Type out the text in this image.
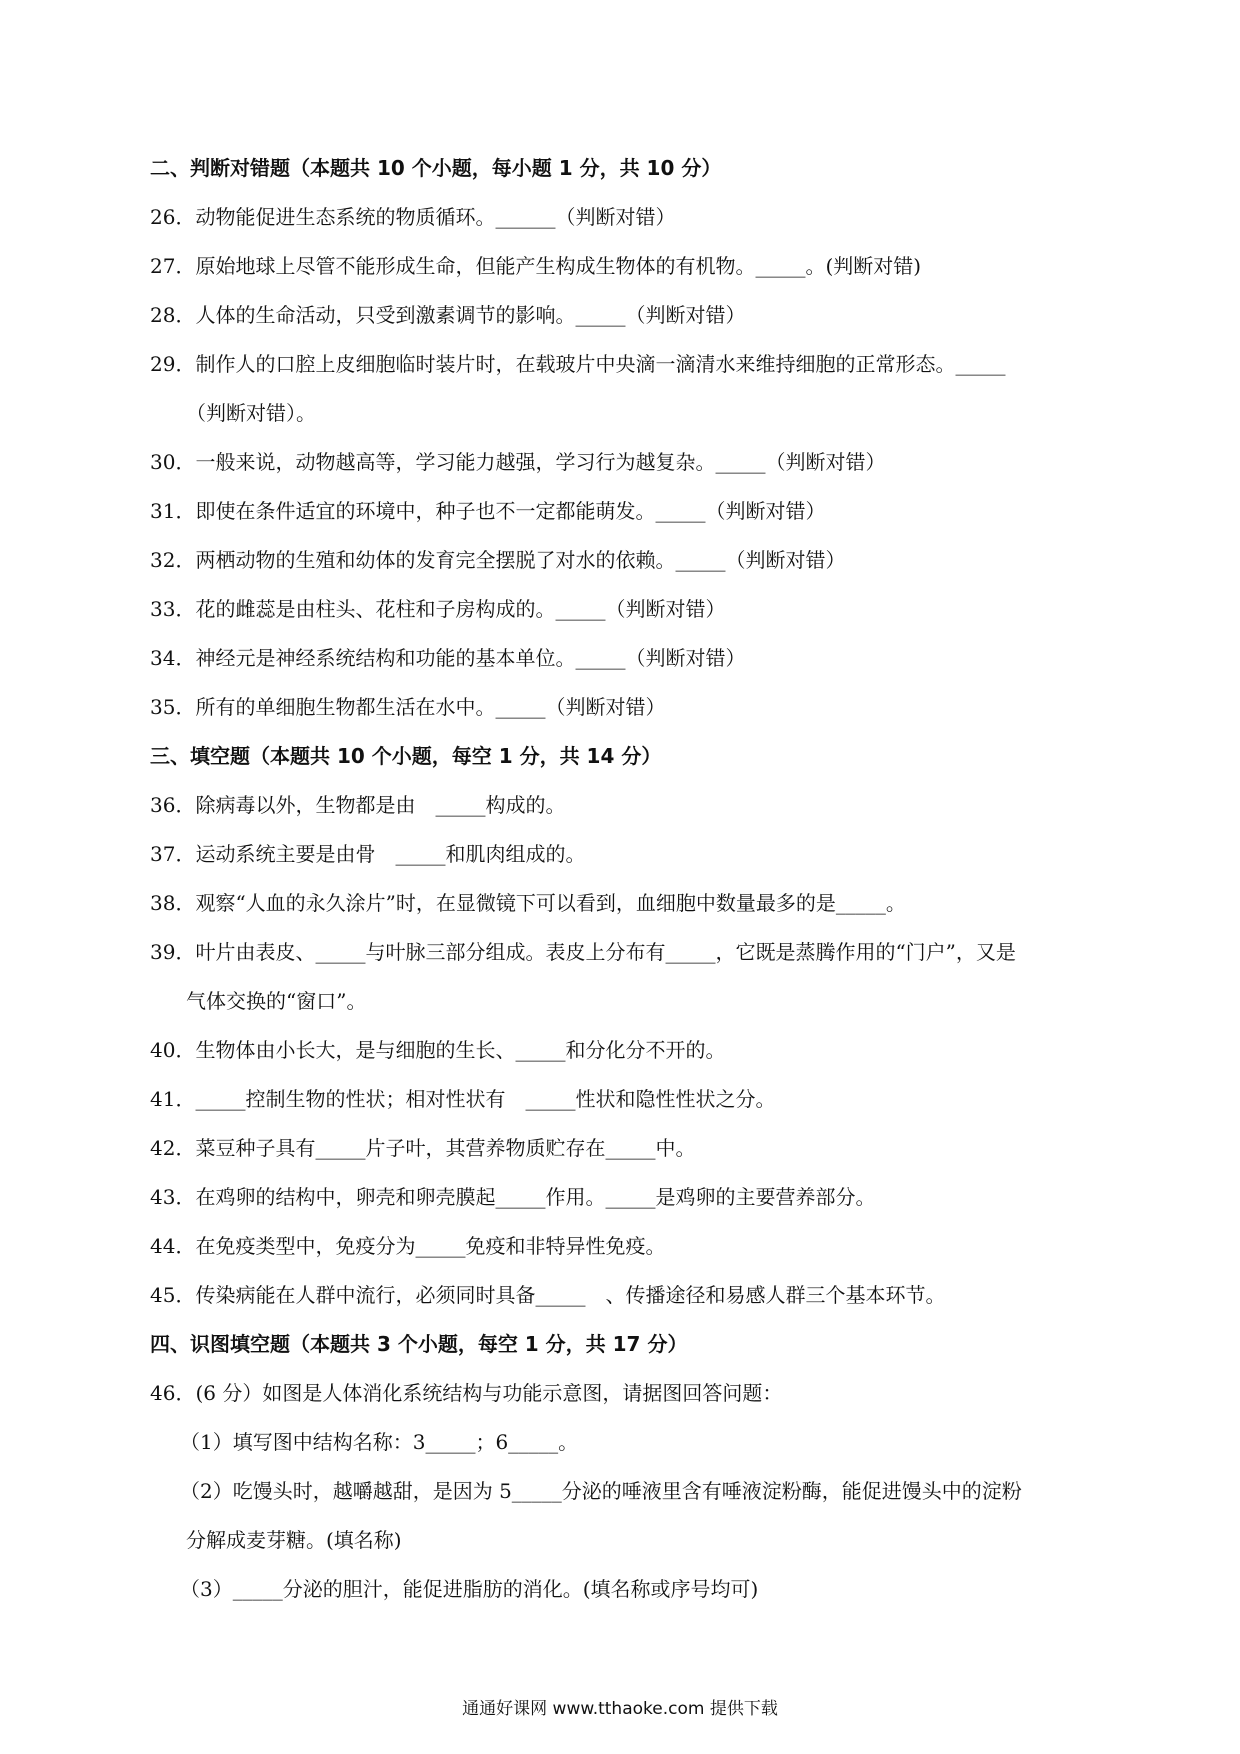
二、判断对错题（本题共 10 个小题，每小题 1 分，共 10 分）

26．动物能促进生态系统的物质循环。______（判断对错）

27．原始地球上尽管不能形成生命，但能产生构成生物体的有机物。_____。(判断对错)

28．人体的生命活动，只受到激素调节的影响。_____（判断对错）

29．制作人的口腔上皮细胞临时装片时，在载玻片中央滴一滴清水来维持细胞的正常形态。_____

（判断对错）。

30．一般来说，动物越高等，学习能力越强，学习行为越复杂。_____（判断对错）

31．即使在条件适宜的环境中，种子也不一定都能萌发。_____（判断对错）

32．两栖动物的生殖和幼体的发育完全摆脱了对水的依赖。_____（判断对错）

33．花的雌蕊是由柱头、花柱和子房构成的。_____（判断对错）

34．神经元是神经系统结构和功能的基本单位。_____（判断对错）

35．所有的单细胞生物都生活在水中。_____（判断对错）

三、填空题（本题共 10 个小题，每空 1 分，共 14 分）

36．除病毒以外，生物都是由　_____构成的。

37．运动系统主要是由骨　_____和肌肉组成的。

38．观察“人血的永久涂片”时，在显微镜下可以看到，血细胞中数量最多的是_____。

39．叶片由表皮、_____与叶脉三部分组成。表皮上分布有_____，它既是蒸腾作用的“门户”，又是

气体交换的“窗口”。

40．生物体由小长大，是与细胞的生长、_____和分化分不开的。

41．_____控制生物的性状；相对性状有　_____性状和隐性性状之分。

42．菜豆种子具有_____片子叶，其营养物质贮存在_____中。

43．在鸡卵的结构中，卵壳和卵壳膜起_____作用。_____是鸡卵的主要营养部分。

44．在免疫类型中，免疫分为_____免疫和非特异性免疫。

45．传染病能在人群中流行，必须同时具备_____　、传播途径和易感人群三个基本环节。

四、识图填空题（本题共 3 个小题，每空 1 分，共 17 分）

46．(6 分）如图是人体消化系统结构与功能示意图，请据图回答问题：

（1）填写图中结构名称：3_____；6_____。

（2）吃馒头时，越嚼越甜，是因为 5_____分泌的唾液里含有唾液淀粉酶，能促进馒头中的淀粉

分解成麦芽糖。(填名称)

（3）_____分泌的胆汁，能促进脂肪的消化。(填名称或序号均可)

通通好课网 www.tthaoke.com 提供下载
